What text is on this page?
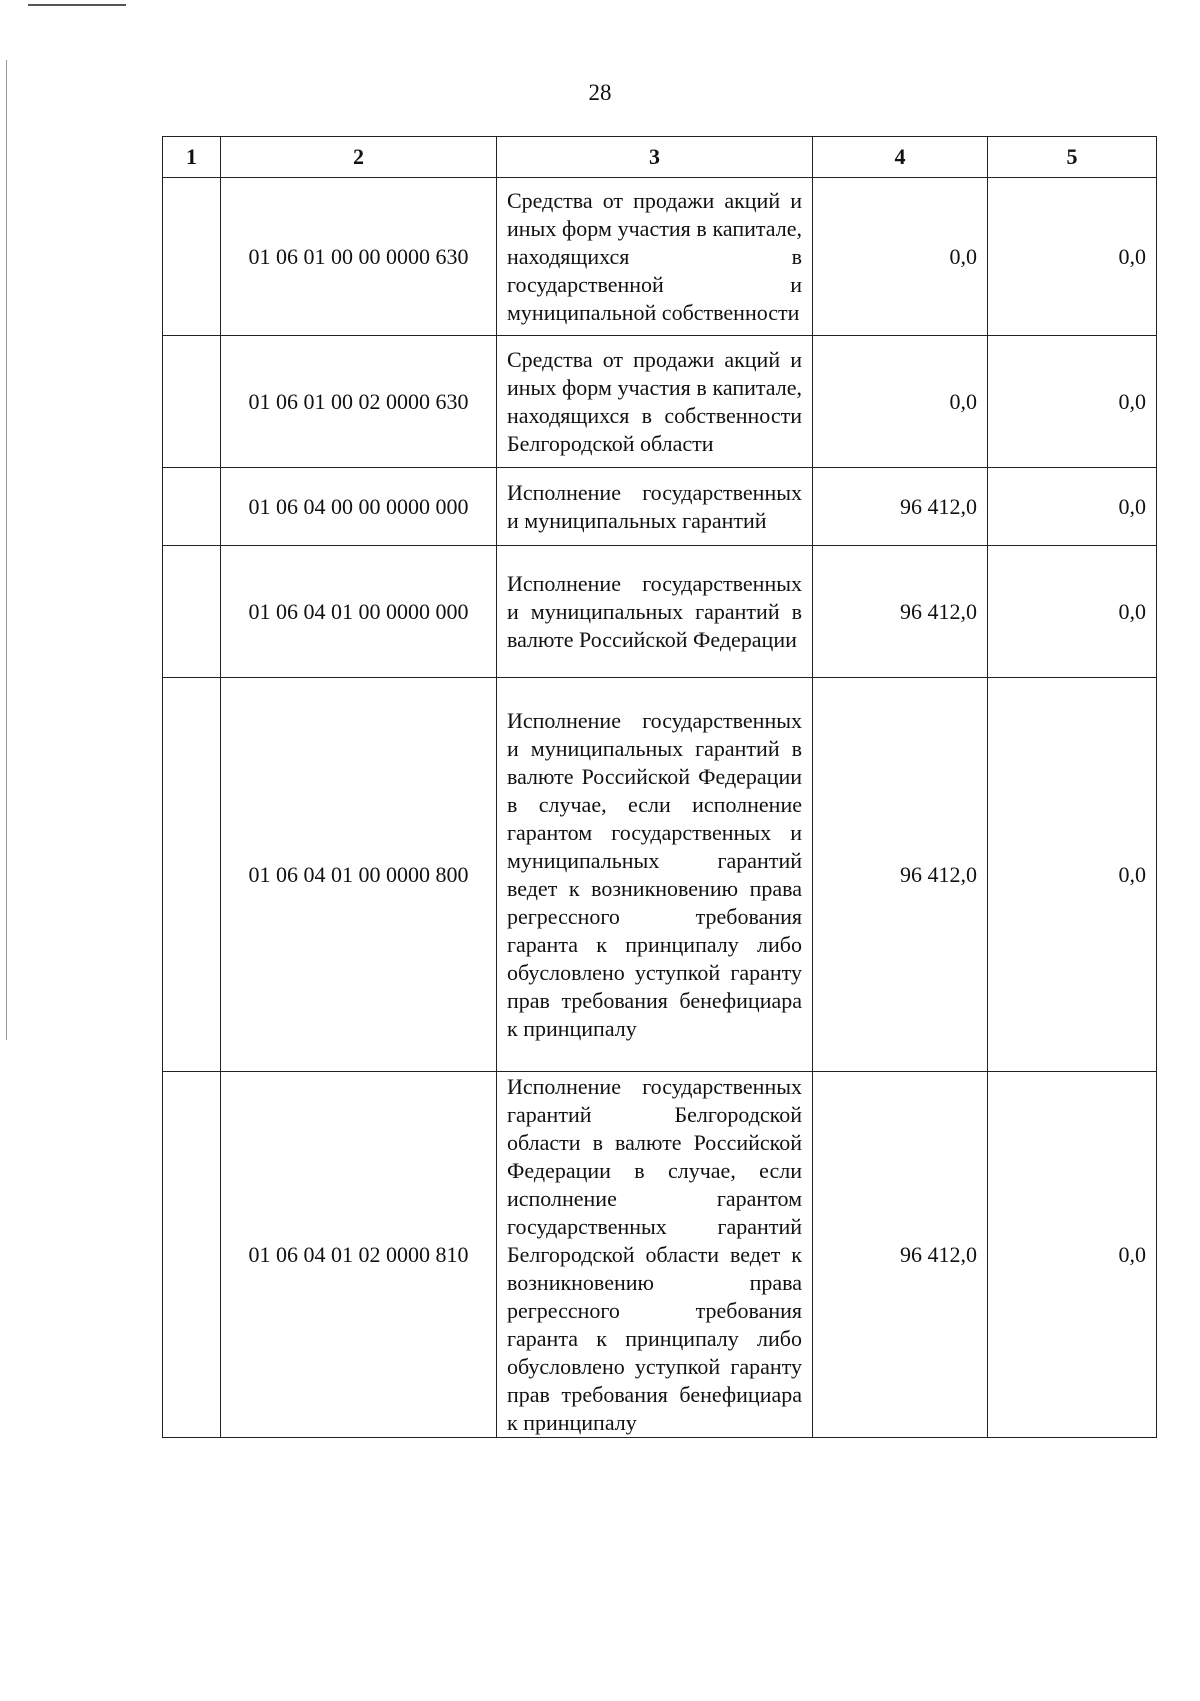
28
1	2	3	4	5
	01 06 01 00 00 0000 630	Средства от продажи акций и иных форм участия в капитале, находящихся в государственной и муниципальной собственности	0,0	0,0
	01 06 01 00 02 0000 630	Средства от продажи акций и иных форм участия в капитале, находящихся в собственности Белгородской области	0,0	0,0
	01 06 04 00 00 0000 000	Исполнение государственных и муниципальных гарантий	96 412,0	0,0
	01 06 04 01 00 0000 000	Исполнение государственных и муниципальных гарантий в валюте Российской Федерации	96 412,0	0,0
	01 06 04 01 00 0000 800	Исполнение государственных и муниципальных гарантий в валюте Российской Федерации в случае, если исполнение гарантом государственных и муниципальных гарантий ведет к возникновению права регрессного требования гаранта к принципалу либо обусловлено уступкой гаранту прав требования бенефициара к принципалу	96 412,0	0,0
	01 06 04 01 02 0000 810	Исполнение государственных гарантий Белгородской области в валюте Российской Федерации в случае, если исполнение гарантом государственных гарантий Белгородской области ведет к возникновению права регрессного требования гаранта к принципалу либо обусловлено уступкой гаранту прав требования бенефициара к принципалу	96 412,0	0,0
